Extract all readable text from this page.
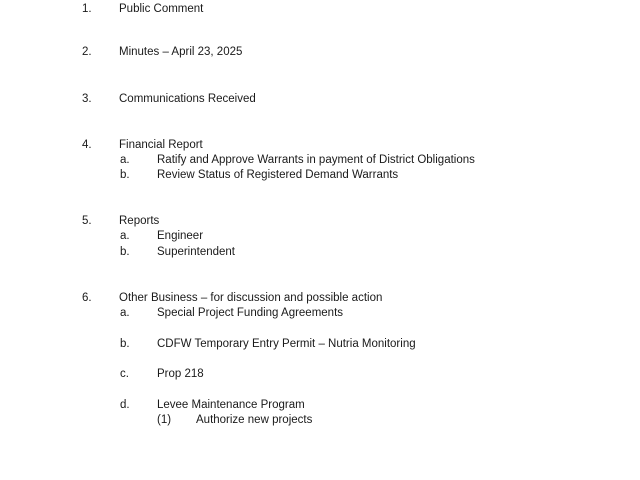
1. Public Comment
2. Minutes – April 23, 2025
3. Communications Received
4. Financial Report
a. Ratify and Approve Warrants in payment of District Obligations
b. Review Status of Registered Demand Warrants
5. Reports
a. Engineer
b. Superintendent
6. Other Business – for discussion and possible action
a. Special Project Funding Agreements
b. CDFW Temporary Entry Permit – Nutria Monitoring
c. Prop 218
d. Levee Maintenance Program
(1) Authorize new projects
